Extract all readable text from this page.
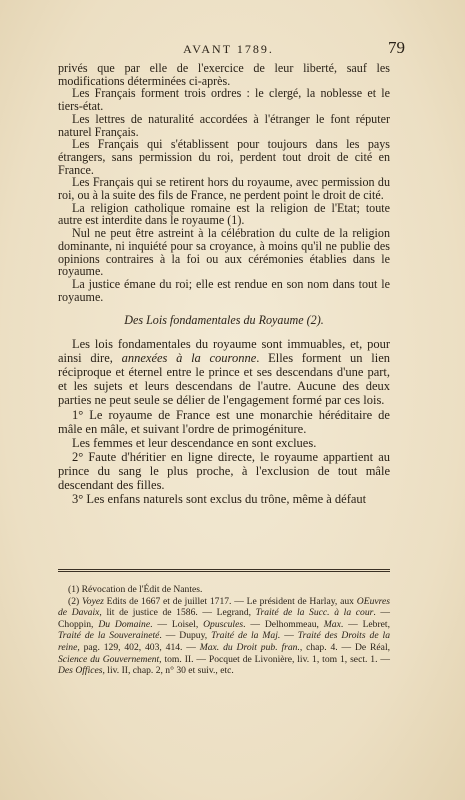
AVANT 1789.	79

privés que par elle de l'exercice de leur liberté, sauf les modifications déterminées ci-après.

Les Français forment trois ordres : le clergé, la noblesse et le tiers-état.

Les lettres de naturalité accordées à l'étranger le font réputer naturel Français.

Les Français qui s'établissent pour toujours dans les pays étrangers, sans permission du roi, perdent tout droit de cité en France.

Les Français qui se retirent hors du royaume, avec permission du roi, ou à la suite des fils de France, ne perdent point le droit de cité.

La religion catholique romaine est la religion de l'Etat; toute autre est interdite dans le royaume (1).

Nul ne peut être astreint à la célébration du culte de la religion dominante, ni inquiété pour sa croyance, à moins qu'il ne publie des opinions contraires à la foi ou aux cérémonies établies dans le royaume.

La justice émane du roi; elle est rendue en son nom dans tout le royaume.

Des Lois fondamentales du Royaume (2).

Les lois fondamentales du royaume sont immuables, et, pour ainsi dire, annexées à la couronne. Elles forment un lien réciproque et éternel entre le prince et ses descendans d'une part, et les sujets et leurs descendans de l'autre. Aucune des deux parties ne peut seule se délier de l'engagement formé par ces lois.

1° Le royaume de France est une monarchie héréditaire de mâle en mâle, et suivant l'ordre de primogéniture.

Les femmes et leur descendance en sont exclues.

2° Faute d'héritier en ligne directe, le royaume appartient au prince du sang le plus proche, à l'exclusion de tout mâle descendant des filles.

3° Les enfans naturels sont exclus du trône, même à défaut

(1) Révocation de l'Édit de Nantes.

(2) Voyez Edits de 1667 et de juillet 1717. — Le président de Harlay, aux OEuvres de Davaix, lit de justice de 1586. — Legrand, Traité de la Succ. à la cour. — Choppin, Du Domaine. — Loisel, Opuscules. — Delhommeau, Max. — Lebret, Traité de la Souveraineté. — Dupuy, Traité de la Maj. — Traité des Droits de la reine, pag. 129, 402, 403, 414. — Max. du Droit pub. fran., chap. 4. — De Réal, Science du Gouvernement, tom. II. — Pocquet de Livonière, liv. 1, tom 1, sect. 1. — Des Offices, liv. II, chap. 2, n° 30 et suiv., etc.
